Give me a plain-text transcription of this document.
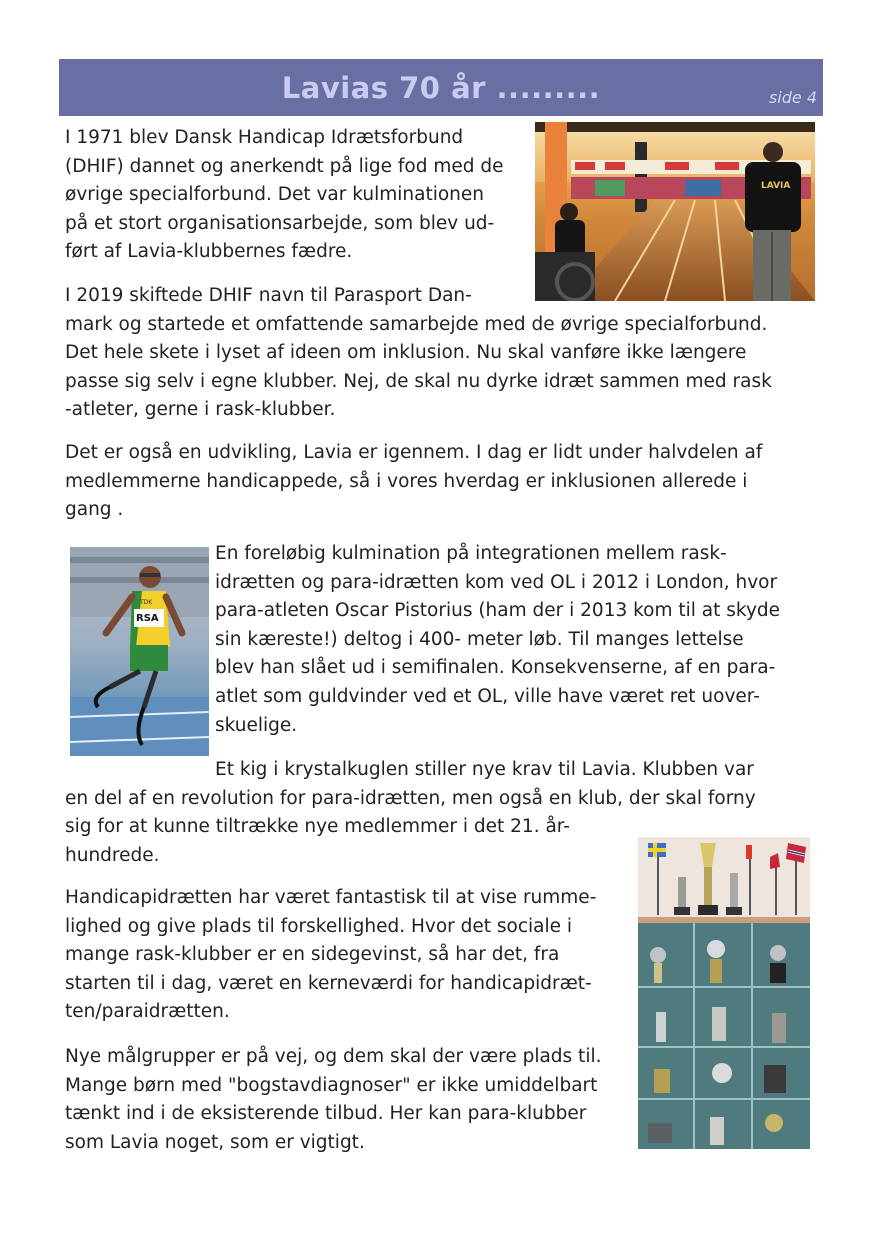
Lavias 70 år .........	side 4
I 1971 blev Dansk Handicap Idrætsforbund
(DHIF) dannet og anerkendt på lige fod med de
øvrige specialforbund. Det var kulminationen
på et stort organisationsarbejde, som blev ud-
ført af Lavia-klubbernes fædre.
LAVIA
I 2019 skiftede DHIF navn til Parasport Dan-
mark og startede et omfattende samarbejde med de øvrige specialforbund.
Det hele skete i lyset af ideen om inklusion. Nu skal vanføre ikke længere
passe sig selv i egne klubber. Nej, de skal nu dyrke idræt sammen med rask
-atleter, gerne i rask-klubber.
Det er også en udvikling, Lavia er igennem. I dag er lidt under halvdelen af
medlemmerne handicappede, så i vores hverdag er inklusionen allerede i
gang .
RSA
TDK
En foreløbig kulmination på integrationen mellem rask-
idrætten og para-idrætten kom ved OL i 2012 i London, hvor
para-atleten Oscar Pistorius (ham der i 2013 kom til at skyde
sin kæreste!) deltog i 400- meter løb. Til manges lettelse
blev han slået ud i semifinalen. Konsekvenserne, af en para-
atlet som guldvinder ved et OL, ville have været ret uover-
skuelige.
Et kig i krystalkuglen stiller nye krav til Lavia. Klubben var
en del af en revolution for para-idrætten, men også en klub, der skal forny
sig for at kunne tiltrække nye medlemmer i det 21. år-
hundrede.
Handicapidrætten har været fantastisk til at vise rumme-
lighed og give plads til forskellighed. Hvor det sociale i
mange rask-klubber er en sidegevinst, så har det, fra
starten til i dag, været en kerneværdi for handicapidræt-
ten/paraidrætten.
Nye målgrupper er på vej, og dem skal der være plads til.
Mange børn med "bogstavdiagnoser" er ikke umiddelbart
tænkt ind i de eksisterende tilbud. Her kan para-klubber
som Lavia noget, som er vigtigt.
